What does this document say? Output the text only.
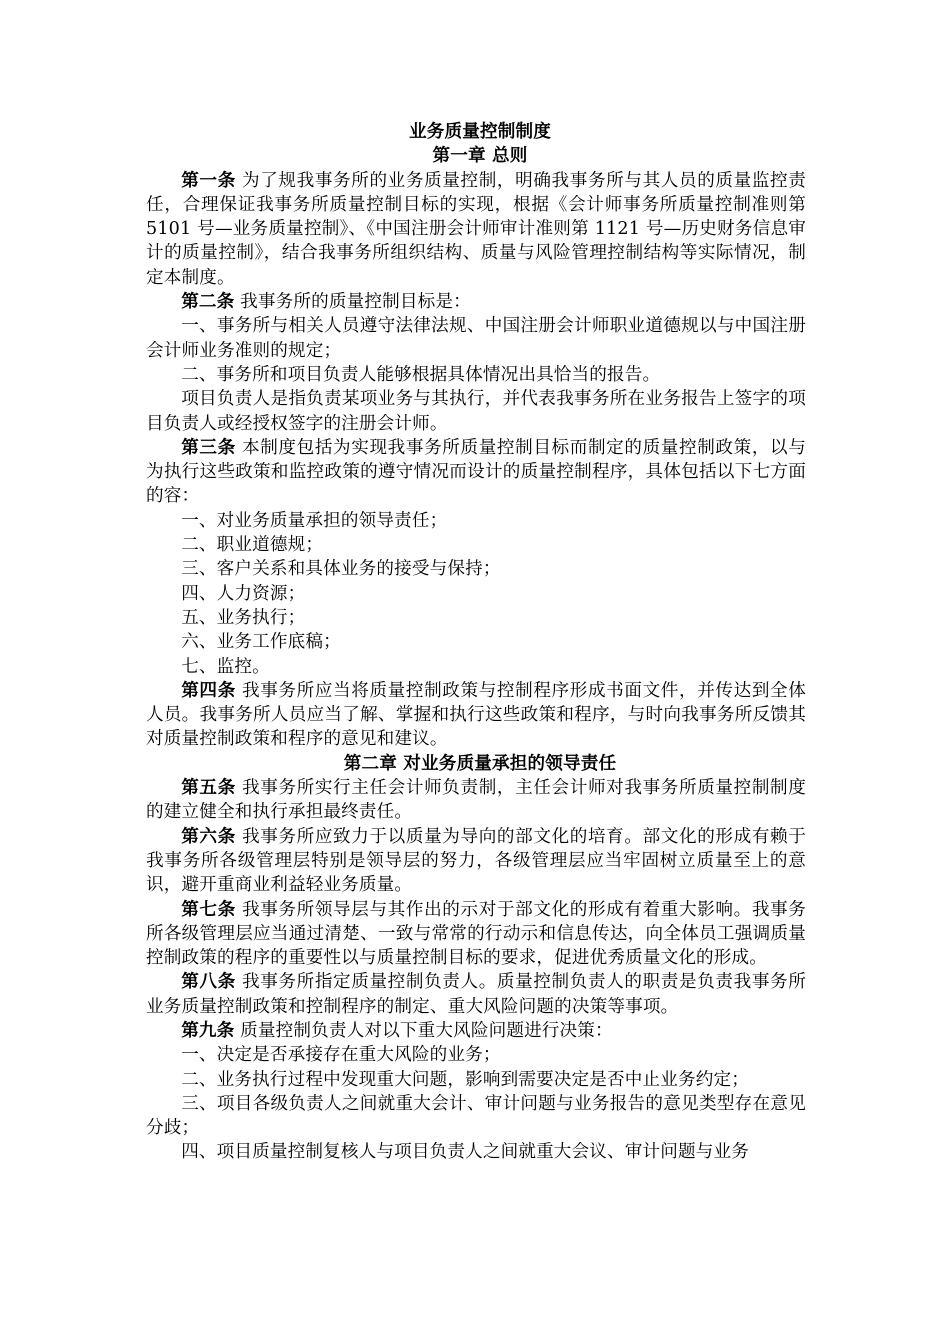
业务质量控制制度

第一章 总则

第一条 为了规我事务所的业务质量控制，明确我事务所与其人员的质量监控责任，合理保证我事务所质量控制目标的实现，根据《会计师事务所质量控制准则第 5101 号—业务质量控制》、《中国注册会计师审计准则第 1121 号—历史财务信息审计的质量控制》，结合我事务所组织结构、质量与风险管理控制结构等实际情况，制定本制度。

第二条 我事务所的质量控制目标是：

一、事务所与相关人员遵守法律法规、中国注册会计师职业道德规以与中国注册会计师业务准则的规定；

二、事务所和项目负责人能够根据具体情况出具恰当的报告。

项目负责人是指负责某项业务与其执行，并代表我事务所在业务报告上签字的项目负责人或经授权签字的注册会计师。

第三条 本制度包括为实现我事务所质量控制目标而制定的质量控制政策，以与为执行这些政策和监控政策的遵守情况而设计的质量控制程序，具体包括以下七方面的容：

一、对业务质量承担的领导责任；

二、职业道德规；

三、客户关系和具体业务的接受与保持；

四、人力资源；

五、业务执行；

六、业务工作底稿；

七、监控。

第四条 我事务所应当将质量控制政策与控制程序形成书面文件，并传达到全体人员。我事务所人员应当了解、掌握和执行这些政策和程序，与时向我事务所反馈其对质量控制政策和程序的意见和建议。

第二章 对业务质量承担的领导责任

第五条 我事务所实行主任会计师负责制，主任会计师对我事务所质量控制制度的建立健全和执行承担最终责任。

第六条 我事务所应致力于以质量为导向的部文化的培育。部文化的形成有赖于我事务所各级管理层特别是领导层的努力，各级管理层应当牢固树立质量至上的意识，避开重商业利益轻业务质量。

第七条 我事务所领导层与其作出的示对于部文化的形成有着重大影响。我事务所各级管理层应当通过清楚、一致与常常的行动示和信息传达，向全体员工强调质量控制政策的程序的重要性以与质量控制目标的要求，促进优秀质量文化的形成。

第八条 我事务所指定质量控制负责人。质量控制负责人的职责是负责我事务所业务质量控制政策和控制程序的制定、重大风险问题的决策等事项。

第九条 质量控制负责人对以下重大风险问题进行决策：

一、决定是否承接存在重大风险的业务；

二、业务执行过程中发现重大问题，影响到需要决定是否中止业务约定；

三、项目各级负责人之间就重大会计、审计问题与业务报告的意见类型存在意见分歧；

四、项目质量控制复核人与项目负责人之间就重大会议、审计问题与业务
